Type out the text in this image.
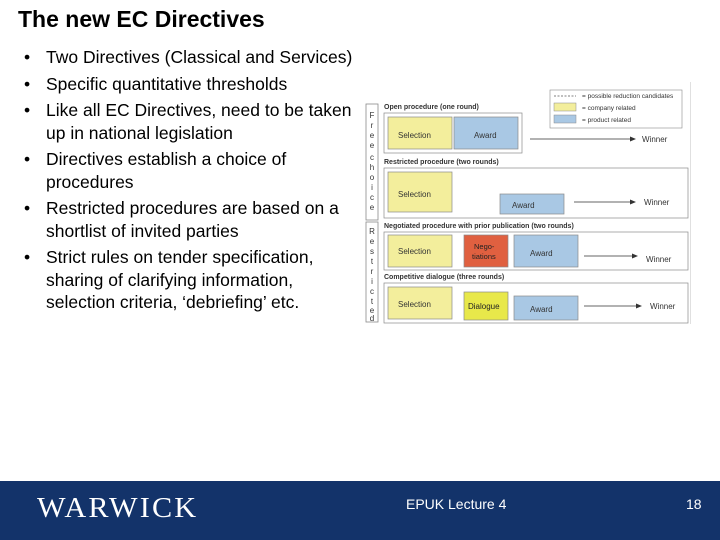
The new EC Directives
• Two Directives (Classical and Services)
• Specific quantitative thresholds
• Like all EC Directives, need to be taken up in national legislation
• Directives establish a choice of procedures
• Restricted procedures are based on a shortlist of invited parties
• Strict rules on tender specification, sharing of clarifying information, selection criteria, ‘debriefing’ etc.
F r e e c h o i c e
R e s t r i c t e d
= possible reduction candidates
= company related
= product related
Open procedure (one round)
Selection	Award	Winner
Restricted procedure (two rounds)
Selection
Award	Winner
Negotiated procedure with prior publication (two rounds)
Selection
Nego-
tiations	Award
Winner
Competitive dialogue (three rounds)
Selection	Dialogue	Award	Winner
WARWICK	EPUK Lecture 4	18
